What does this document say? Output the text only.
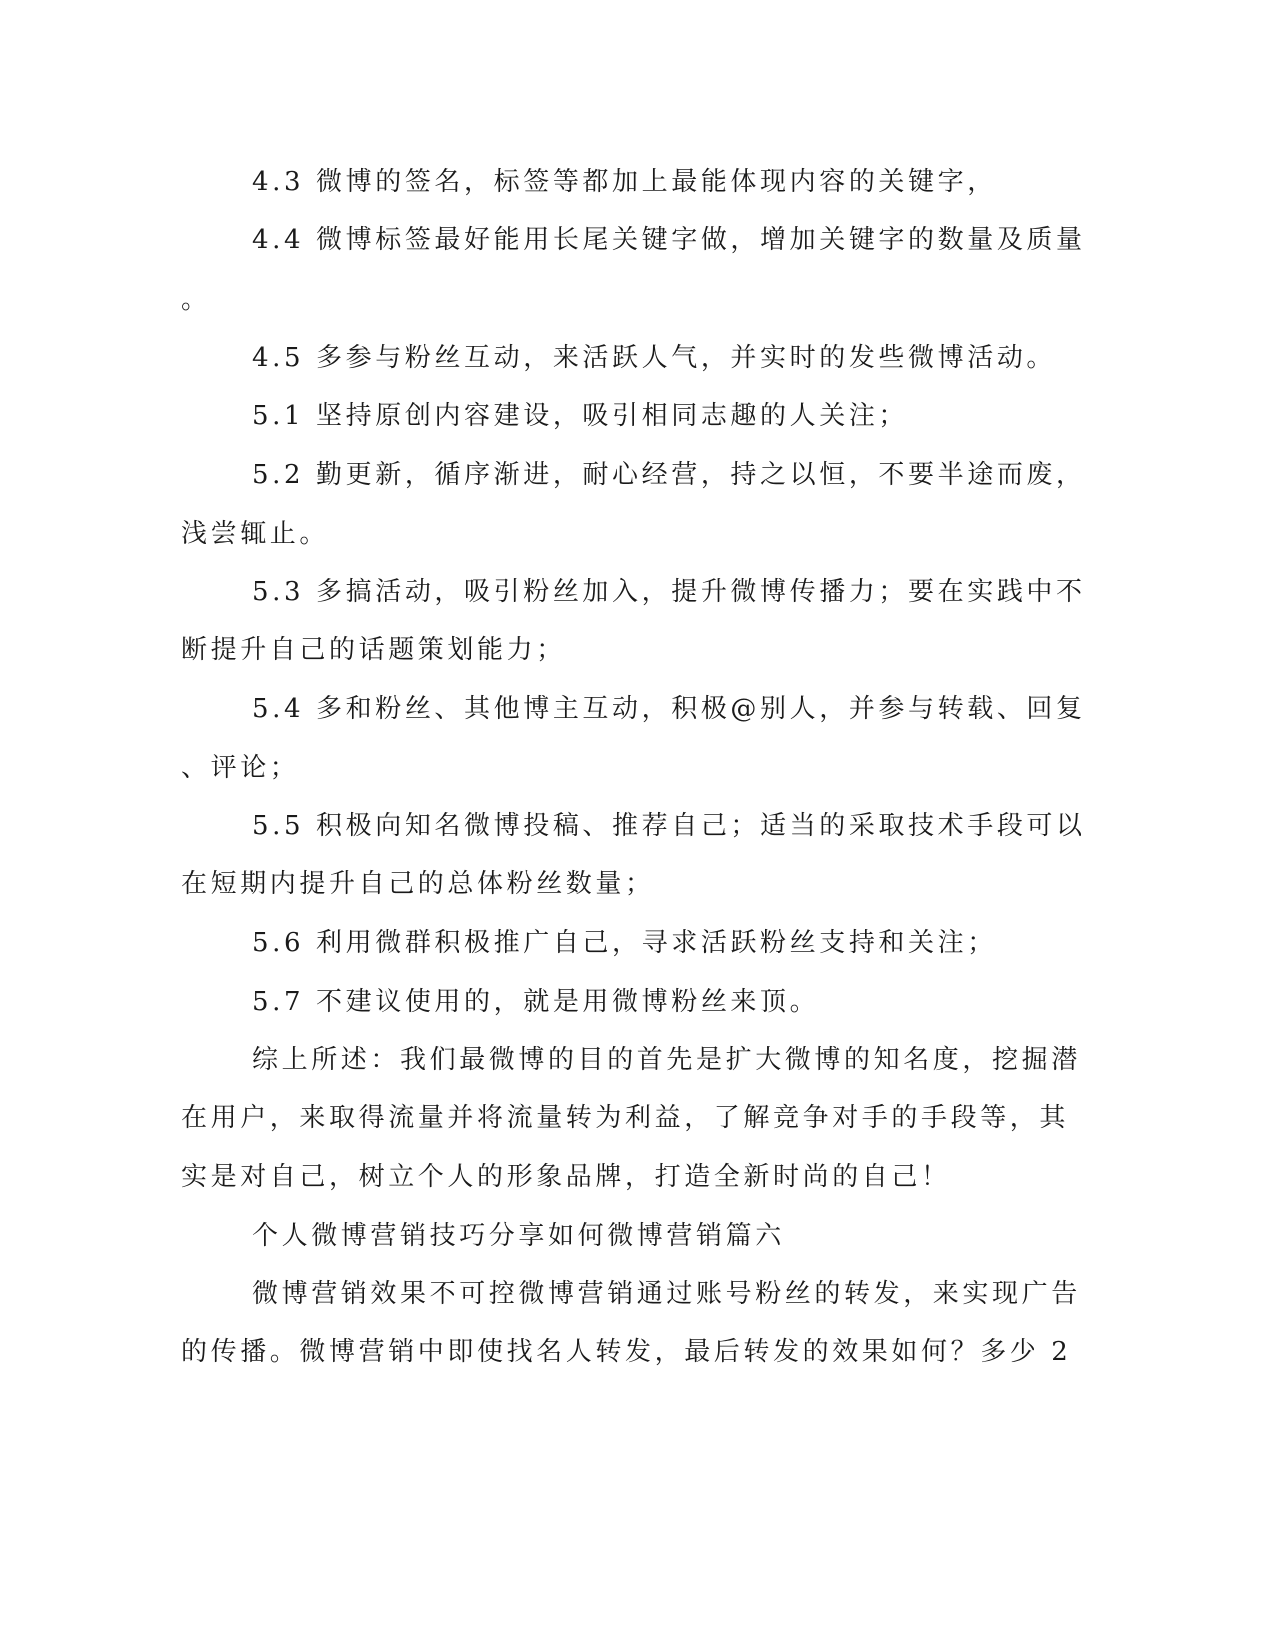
4.3 微博的签名，标签等都加上最能体现内容的关键字，

4.4 微博标签最好能用长尾关键字做，增加关键字的数量及质量

。

4.5 多参与粉丝互动，来活跃人气，并实时的发些微博活动。

5.1 坚持原创内容建设，吸引相同志趣的人关注；

5.2 勤更新，循序渐进，耐心经营，持之以恒，不要半途而废，

浅尝辄止。

5.3 多搞活动，吸引粉丝加入，提升微博传播力；要在实践中不

断提升自己的话题策划能力；

5.4 多和粉丝、其他博主互动，积极@别人，并参与转载、回复

、评论；

5.5 积极向知名微博投稿、推荐自己；适当的采取技术手段可以

在短期内提升自己的总体粉丝数量；

5.6 利用微群积极推广自己，寻求活跃粉丝支持和关注；

5.7 不建议使用的，就是用微博粉丝来顶。

综上所述：我们最微博的目的首先是扩大微博的知名度，挖掘潜

在用户，来取得流量并将流量转为利益，了解竞争对手的手段等，其

实是对自己，树立个人的形象品牌，打造全新时尚的自己！

个人微博营销技巧分享如何微博营销篇六

微博营销效果不可控微博营销通过账号粉丝的转发，来实现广告

的传播。微博营销中即使找名人转发，最后转发的效果如何？多少 2
